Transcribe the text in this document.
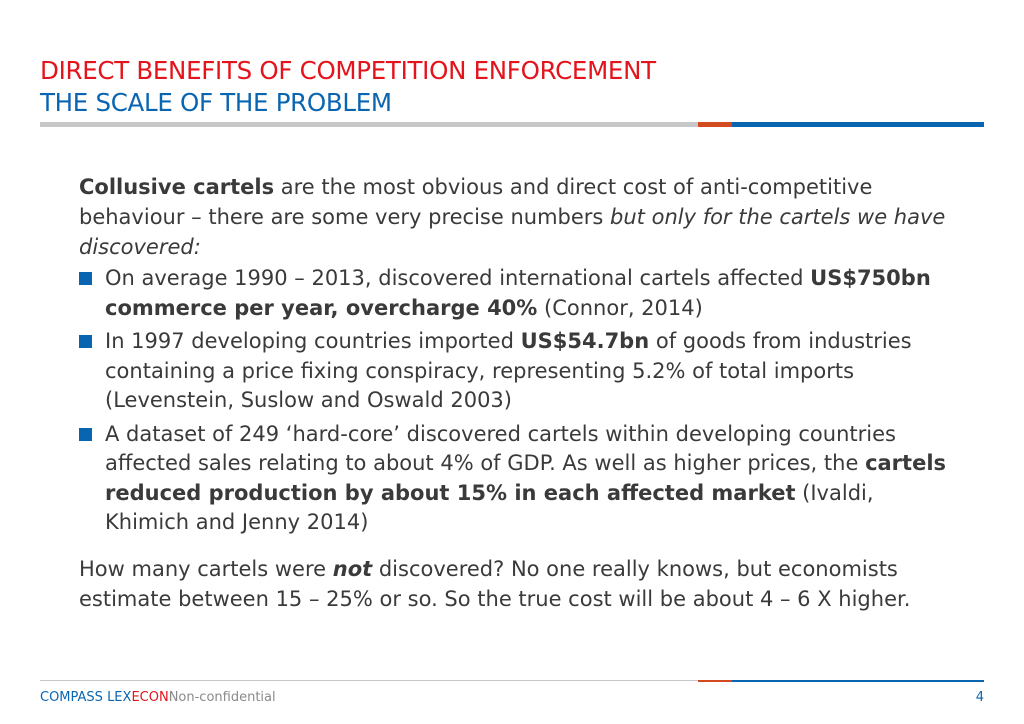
DIRECT BENEFITS OF COMPETITION ENFORCEMENT
THE SCALE OF THE PROBLEM

Collusive cartels are the most obvious and direct cost of anti-competitive behaviour – there are some very precise numbers but only for the cartels we have discovered:

On average 1990 – 2013, discovered international cartels affected US$750bn commerce per year, overcharge 40% (Connor, 2014)
In 1997 developing countries imported US$54.7bn of goods from industries containing a price fixing conspiracy, representing 5.2% of total imports (Levenstein, Suslow and Oswald 2003)
A dataset of 249 ‘hard-core’ discovered cartels within developing countries affected sales relating to about 4% of GDP. As well as higher prices, the cartels reduced production by about 15% in each affected market (Ivaldi, Khimich and Jenny 2014)

How many cartels were not discovered? No one really knows, but economists estimate between 15 – 25% or so. So the true cost will be about 4 – 6 X higher.

COMPASS LEXECONNon-confidential	4
